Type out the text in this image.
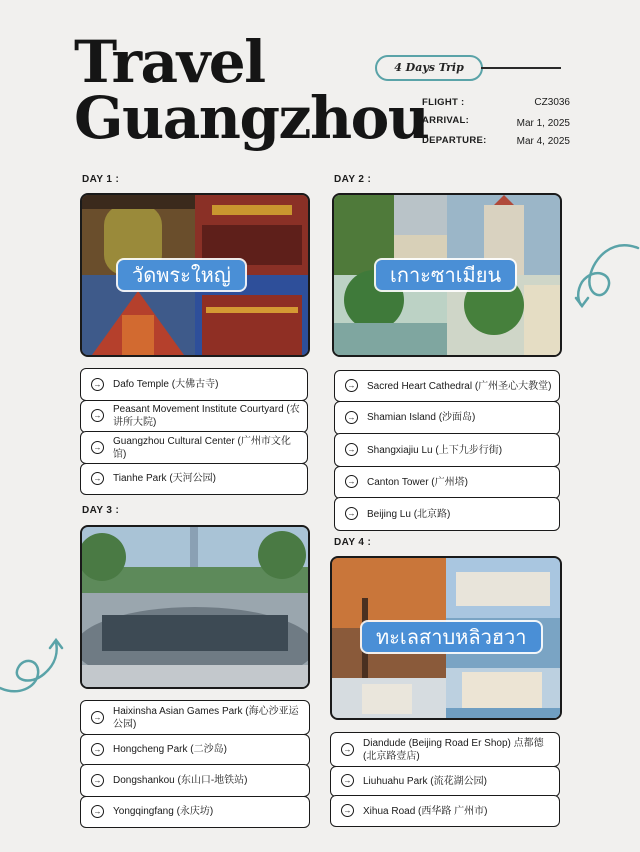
Travel
Guangzhou
4 Days Trip
FLIGHT :	CZ3036
ARRIVAL:	Mar 1, 2025
DEPARTURE:	Mar 4, 2025
DAY 1 :
วัดพระใหญ่
→ Dafo Temple (大佛古寺)
→
Peasant Movement Institute Courtyard (农讲所大院)
→
Guangzhou Cultural Center (广州市文化馆)
→ Tianhe Park (天河公园)
DAY 2 :
เกาะซาเมียน
→ Sacred Heart Cathedral (广州圣心大教堂)
→ Shamian Island (沙面岛)
→ Shangxiajiu Lu (上下九步行街)
→ Canton Tower (广州塔)
→ Beijing Lu (北京路)
DAY 3 :
→
Haixinsha Asian Games Park (海心沙亚运公园)
→ Hongcheng Park (二沙岛)
→ Dongshankou (东山口-地铁站)
→ Yongqingfang (永庆坊)
DAY 4 :
ทะเลสาบหลิวฮวา
→
Diandude (Beijing Road Er Shop) 点都德(北京路壹店)
→ Liuhuahu Park (流花湖公园)
→ Xihua Road (西华路 广州市)
